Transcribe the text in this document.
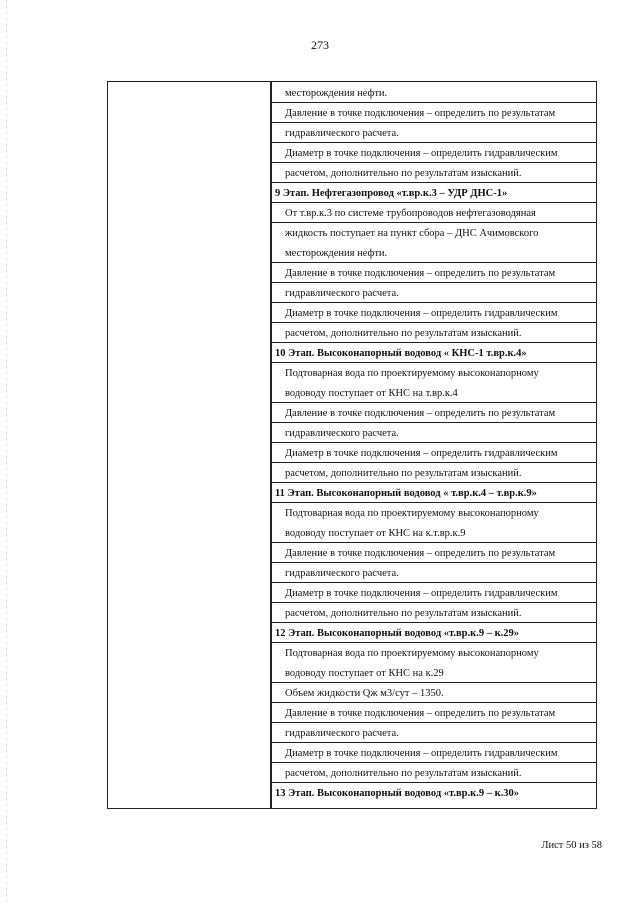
273
месторождения нефти.
Давление в точке подключения – определить по результатам
гидравлического расчета.
Диаметр в точке подключения – определить гидравлическим
расчетом, дополнительно по результатам изысканий.
9 Этап. Нефтегазопровод «т.вр.к.3 – УДР ДНС-1»
От т.вр.к.3 по системе трубопроводов нефтегазоводяная
жидкость поступает на пункт сбора – ДНС Ачимовского
месторождения нефти.
Давление в точке подключения – определить по результатам
гидравлического расчета.
Диаметр в точке подключения – определить гидравлическим
расчетом, дополнительно по результатам изысканий.
10 Этап. Высоконапорный водовод « КНС-1 т.вр.к.4»
Подтоварная вода по проектируемому высоконапорному
водоводу поступает от КНС на т.вр.к.4
Давление в точке подключения – определить по результатам
гидравлического расчета.
Диаметр в точке подключения – определить гидравлическим
расчетом, дополнительно по результатам изысканий.
11 Этап. Высоконапорный водовод « т.вр.к.4 – т.вр.к.9»
Подтоварная вода по проектируемому высоконапорному
водоводу поступает от КНС на к.т.вр.к.9
Давление в точке подключения – определить по результатам
гидравлического расчета.
Диаметр в точке подключения – определить гидравлическим
расчетом, дополнительно по результатам изысканий.
12 Этап. Высоконапорный водовод «т.вр.к.9 – к.29»
Подтоварная вода по проектируемому высоконапорному
водоводу поступает от КНС на к.29
Объем жидкости Qж м3/сут – 1350.
Давление в точке подключения – определить по результатам
гидравлического расчета.
Диаметр в точке подключения – определить гидравлическим
расчетом, дополнительно по результатам изысканий.
13 Этап. Высоконапорный водовод «т.вр.к.9 – к.30»
Лист 50 из 58
